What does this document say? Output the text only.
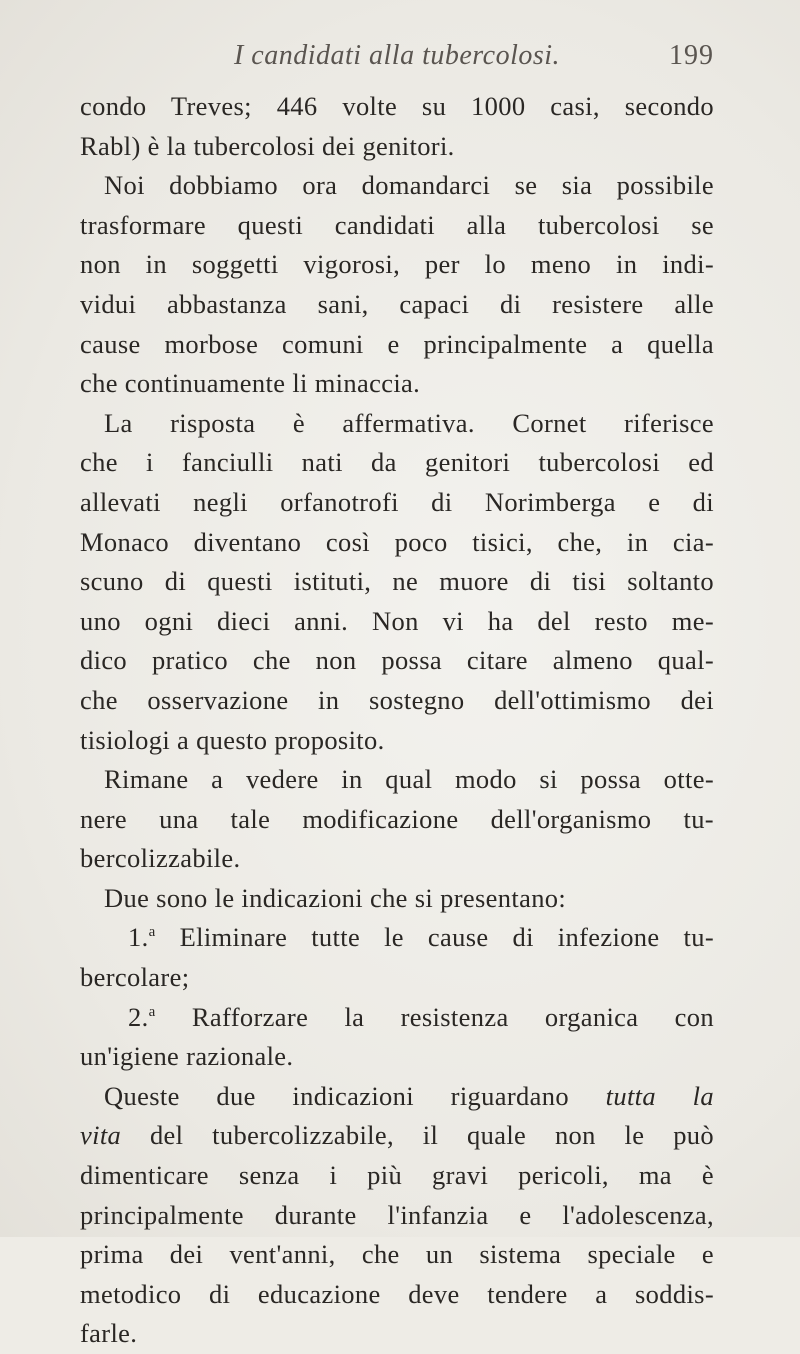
I candidati alla tubercolosi.	199
condo Treves; 446 volte su 1000 casi, secondo
Rabl) è la tubercolosi dei genitori.
Noi dobbiamo ora domandarci se sia possibile
trasformare questi candidati alla tubercolosi se
non in soggetti vigorosi, per lo meno in indi-
vidui abbastanza sani, capaci di resistere alle
cause morbose comuni e principalmente a quella
che continuamente li minaccia.
La risposta è affermativa. Cornet riferisce
che i fanciulli nati da genitori tubercolosi ed
allevati negli orfanotrofi di Norimberga e di
Monaco diventano così poco tisici, che, in cia-
scuno di questi istituti, ne muore di tisi soltanto
uno ogni dieci anni. Non vi ha del resto me-
dico pratico che non possa citare almeno qual-
che osservazione in sostegno dell'ottimismo dei
tisiologi a questo proposito.
Rimane a vedere in qual modo si possa otte-
nere una tale modificazione dell'organismo tu-
bercolizzabile.
Due sono le indicazioni che si presentano:
1.$^a$ Eliminare tutte le cause di infezione tu-
bercolare;
2.$^a$ Rafforzare la resistenza organica con
un'igiene razionale.
Queste due indicazioni riguardano tutta la
vita del tubercolizzabile, il quale non le può
dimenticare senza i più gravi pericoli, ma è
principalmente durante l'infanzia e l'adolescenza,
prima dei vent'anni, che un sistema speciale e
metodico di educazione deve tendere a soddis-
farle.
